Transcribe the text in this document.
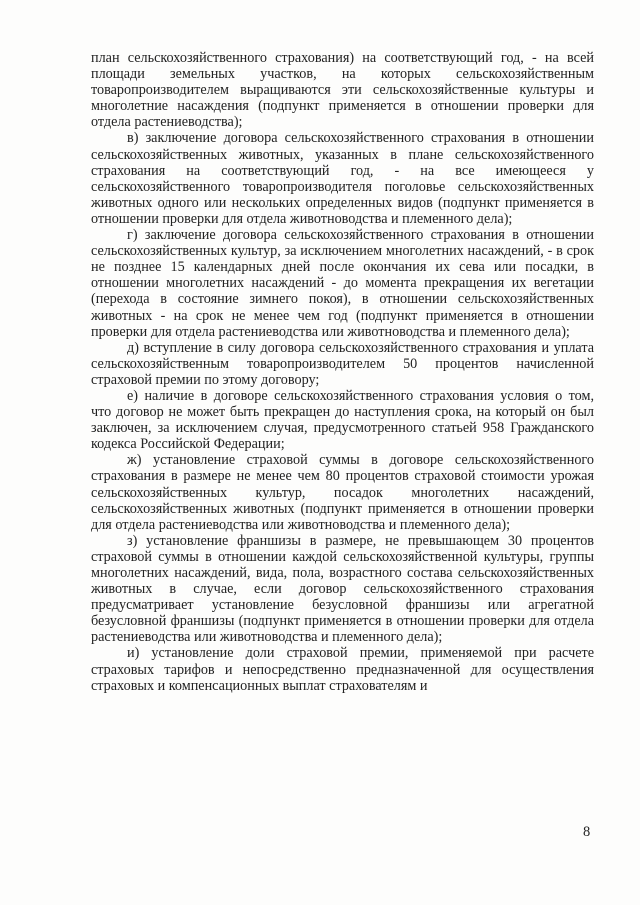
план сельскохозяйственного страхования) на соответствующий год, - на всей площади земельных участков, на которых сельскохозяйственным товаропроизводителем выращиваются эти сельскохозяйственные культуры и многолетние насаждения (подпункт применяется в отношении проверки для отдела растениеводства);

в) заключение договора сельскохозяйственного страхования в отношении сельскохозяйственных животных, указанных в плане сельскохозяйственного страхования на соответствующий год, - на все имеющееся у сельскохозяйственного товаропроизводителя поголовье сельскохозяйственных животных одного или нескольких определенных видов (подпункт применяется в отношении проверки для отдела животноводства и племенного дела);

г) заключение договора сельскохозяйственного страхования в отношении сельскохозяйственных культур, за исключением многолетних насаждений, - в срок не позднее 15 календарных дней после окончания их сева или посадки, в отношении многолетних насаждений - до момента прекращения их вегетации (перехода в состояние зимнего покоя), в отношении сельскохозяйственных животных - на срок не менее чем год (подпункт применяется в отношении проверки для отдела растениеводства или животноводства и племенного дела);

д) вступление в силу договора сельскохозяйственного страхования и уплата сельскохозяйственным товаропроизводителем 50 процентов начисленной страховой премии по этому договору;

е) наличие в договоре сельскохозяйственного страхования условия о том, что договор не может быть прекращен до наступления срока, на который он был заключен, за исключением случая, предусмотренного статьей 958 Гражданского кодекса Российской Федерации;

ж) установление страховой суммы в договоре сельскохозяйственного страхования в размере не менее чем 80 процентов страховой стоимости урожая сельскохозяйственных культур, посадок многолетних насаждений, сельскохозяйственных животных (подпункт применяется в отношении проверки для отдела растениеводства или животноводства и племенного дела);

з) установление франшизы в размере, не превышающем 30 процентов страховой суммы в отношении каждой сельскохозяйственной культуры, группы многолетних насаждений, вида, пола, возрастного состава сельскохозяйственных животных в случае, если договор сельскохозяйственного страхования предусматривает установление безусловной франшизы или агрегатной безусловной франшизы (подпункт применяется в отношении проверки для отдела растениеводства или животноводства и племенного дела);

и) установление доли страховой премии, применяемой при расчете страховых тарифов и непосредственно предназначенной для осуществления страховых и компенсационных выплат страхователям и

8
